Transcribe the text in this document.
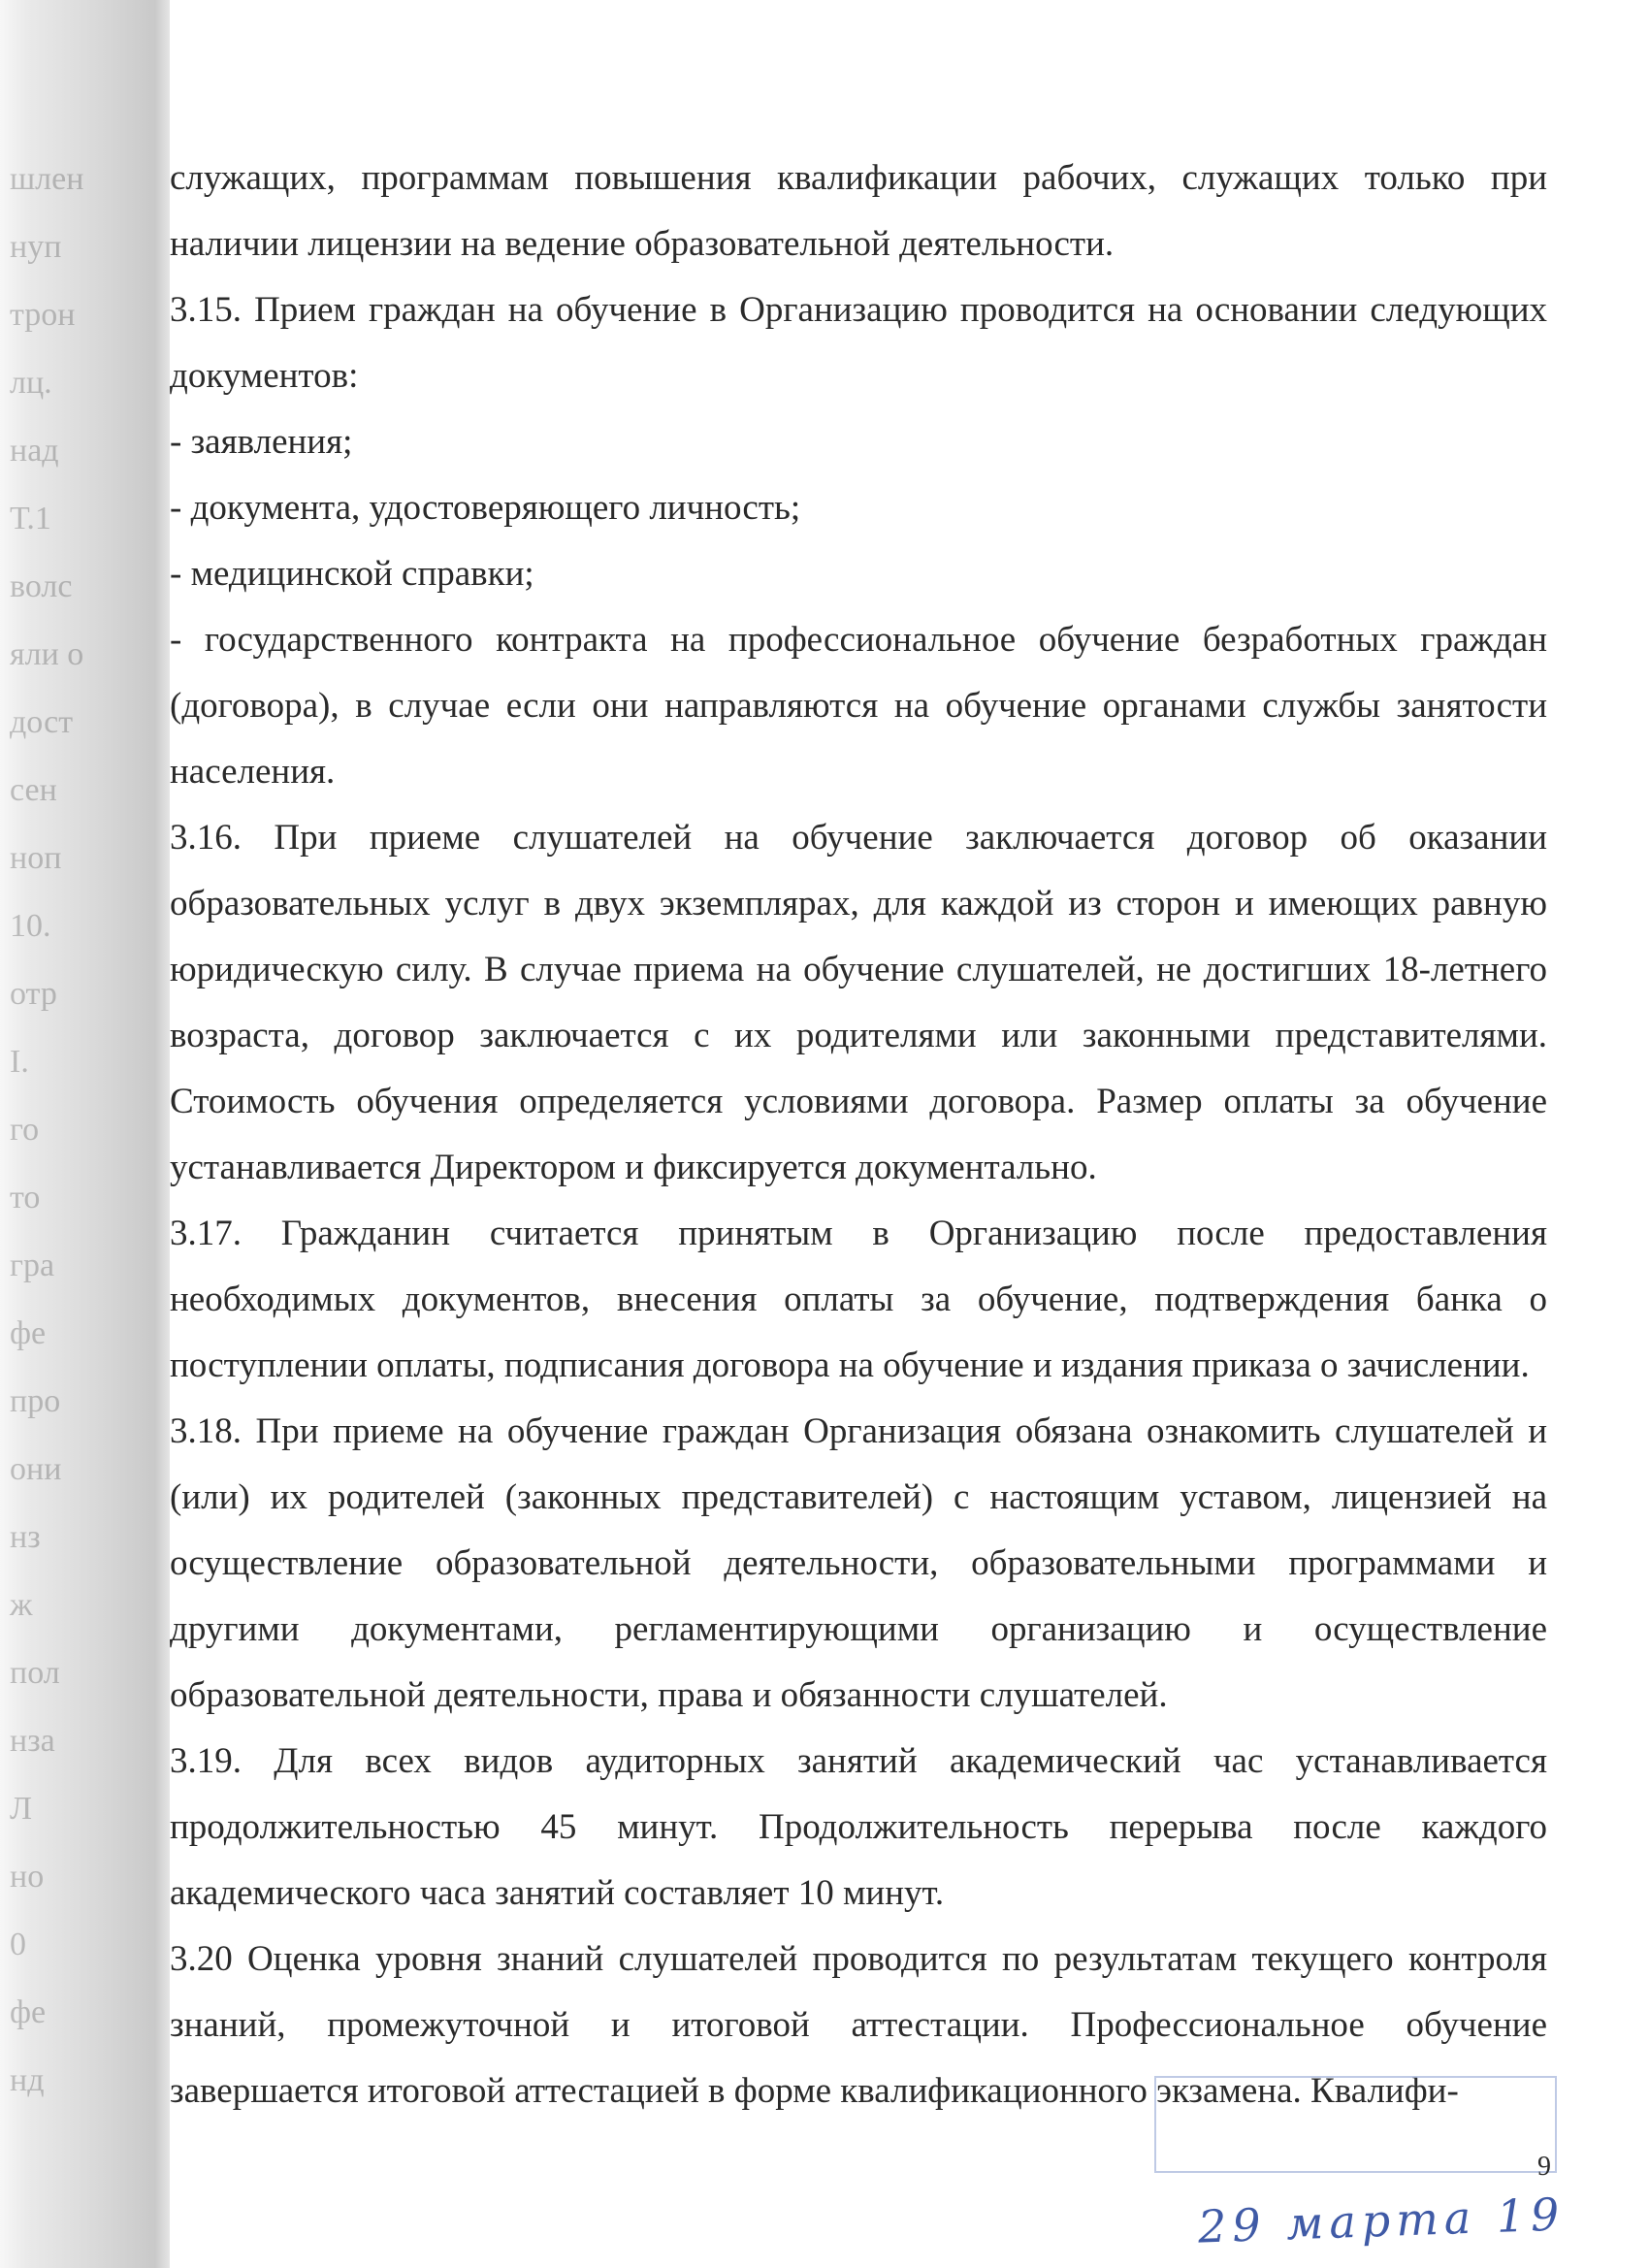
шлен
нуп
трон
лц.
над
Т.1
волс
яли о
дост
сен
ноп
10.
отр
I.
го
то
гра
фе
про
они
нз
ж
пол
нза
Л
но
0
фе
нд

служащих, программам повышения квалификации рабочих, служащих только при наличии лицензии на ведение образовательной деятельности.

3.15. Прием граждан на обучение в Организацию проводится на основании следующих документов:

- заявления;

- документа, удостоверяющего личность;

- медицинской справки;

- государственного контракта на профессиональное обучение безработных граждан (договора), в случае если они направляются на обучение органами службы занятости населения.

3.16. При приеме слушателей на обучение заключается договор об оказании образовательных услуг в двух экземплярах, для каждой из сторон и имеющих равную юридическую силу. В случае приема на обучение слушателей, не достигших 18-летнего возраста, договор заключается с их родителями или законными представителями. Стоимость обучения определяется условиями договора. Размер оплаты за обучение устанавливается Директором и фиксируется документально.

3.17. Гражданин считается принятым в Организацию после предоставления необходимых документов, внесения оплаты за обучение, подтверждения банка о поступлении оплаты, подписания договора на обучение и издания приказа о зачислении.

3.18. При приеме на обучение граждан Организация обязана ознакомить слушателей и (или) их родителей (законных представителей) с настоящим уставом, лицензией на осуществление образовательной деятельности, образовательными программами и другими документами, регламентирующими организацию и осуществление образовательной деятельности, права и обязанности слушателей.

3.19. Для всех видов аудиторных занятий академический час устанавливается продолжительностью 45 минут. Продолжительность перерыва после каждого академического часа занятий составляет 10 минут.

3.20 Оценка уровня знаний слушателей проводится по результатам текущего контроля знаний, промежуточной и итоговой аттестации. Профессиональное обучение завершается итоговой аттестацией в форме квалификационного экзамена. Квалифи-

9
29 марта 19
